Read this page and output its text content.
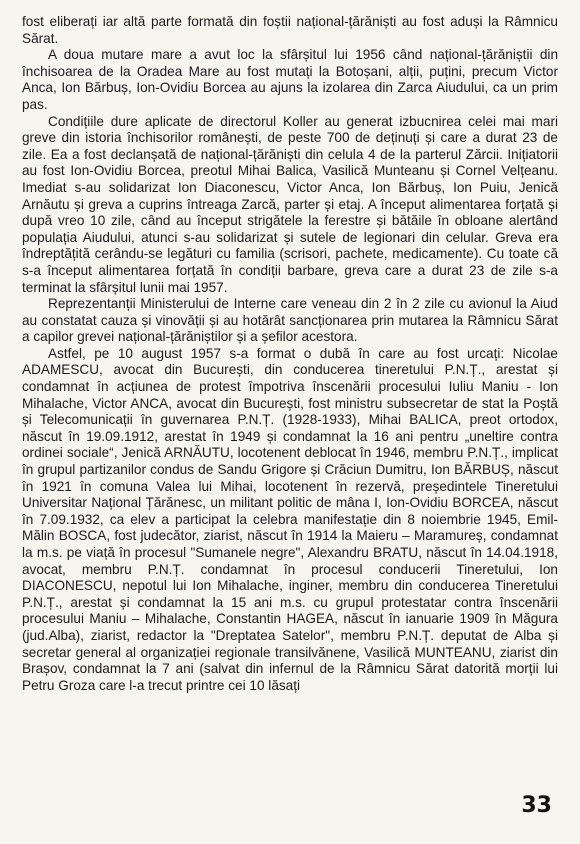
fost eliberați iar altă parte formată din foștii național-țărăniști au fost aduși la Râmnicu Sărat.

A doua mutare mare a avut loc la sfârșitul lui 1956 când național-țărăniștii din închisoarea de la Oradea Mare au fost mutați la Botoșani, alții, puțini, precum Victor Anca, Ion Bărbuș, Ion-Ovidiu Borcea au ajuns la izolarea din Zarca Aiudului, ca un prim pas.

Condițiile dure aplicate de directorul Koller au generat izbucnirea celei mai mari greve din istoria închisorilor românești, de peste 700 de deținuți și care a durat 23 de zile. Ea a fost declanșată de național-țărăniști din celula 4 de la parterul Zărcii. Inițiatorii au fost Ion-Ovidiu Borcea, preotul Mihai Balica, Vasilică Munteanu și Cornel Velțeanu. Imediat s-au solidarizat Ion Diaconescu, Victor Anca, Ion Bărbuș, Ion Puiu, Jenică Arnăutu și greva a cuprins întreaga Zarcă, parter și etaj. A început alimentarea forțată și după vreo 10 zile, când au început strigătele la ferestre și bătăile în obloane alertând populația Aiudului, atunci s-au solidarizat și sutele de legionari din celular. Greva era îndreptățită cerându-se legături cu familia (scrisori, pachete, medicamente). Cu toate că s-a început alimentarea forțată în condiții barbare, greva care a durat 23 de zile s-a terminat la sfârșitul lunii mai 1957.

Reprezentanții Ministerului de Interne care veneau din 2 în 2 zile cu avionul la Aiud au constatat cauza și vinovății și au hotărât sancționarea prin mutarea la Râmnicu Sărat a capilor grevei național-țărăniștilor și a șefilor acestora.

Astfel, pe 10 august 1957 s-a format o dubă în care au fost urcați: Nicolae ADAMESCU, avocat din București, din conducerea tineretului P.N.Ț., arestat și condamnat în acțiunea de protest împotriva înscenării procesului Iuliu Maniu - Ion Mihalache, Victor ANCA, avocat din București, fost ministru subsecretar de stat la Poștă și Telecomunicații în guvernarea P.N.Ț. (1928-1933), Mihai BALICA, preot ortodox, născut în 19.09.1912, arestat în 1949 și condamnat la 16 ani pentru „uneltire contra ordinei sociale“, Jenică ARNĂUTU, locotenent deblocat în 1946, membru P.N.Ț., implicat în grupul partizanilor condus de Sandu Grigore și Crăciun Dumitru, Ion BĂRBUȘ, născut în 1921 în comuna Valea lui Mihai, locotenent în rezervă, președintele Tineretului Universitar Național Țărănesc, un militant politic de mâna I, Ion-Ovidiu BORCEA, născut în 7.09.1932, ca elev a participat la celebra manifestație din 8 noiembrie 1945, Emil-Mălin BOSCA, fost judecător, ziarist, născut în 1914 la Maieru – Maramureș, condamnat la m.s. pe viață în procesul "Sumanele negre", Alexandru BRATU, născut în 14.04.1918, avocat, membru P.N.Ț. condamnat în procesul conducerii Tineretului, Ion DIACONESCU, nepotul lui Ion Mihalache, inginer, membru din conducerea Tineretului P.N.Ț., arestat și condamnat la 15 ani m.s. cu grupul protestatar contra înscenării procesului Maniu – Mihalache, Constantin HAGEA, născut în ianuarie 1909 în Măgura (jud.Alba), ziarist, redactor la "Dreptatea Satelor", membru P.N.Ț. deputat de Alba și secretar general al organizației regionale transilvănene, Vasilică MUNTEANU, ziarist din Brașov, condamnat la 7 ani (salvat din infernul de la Râmnicu Sărat datorită morții lui Petru Groza care l-a trecut printre cei 10 lăsați

33
